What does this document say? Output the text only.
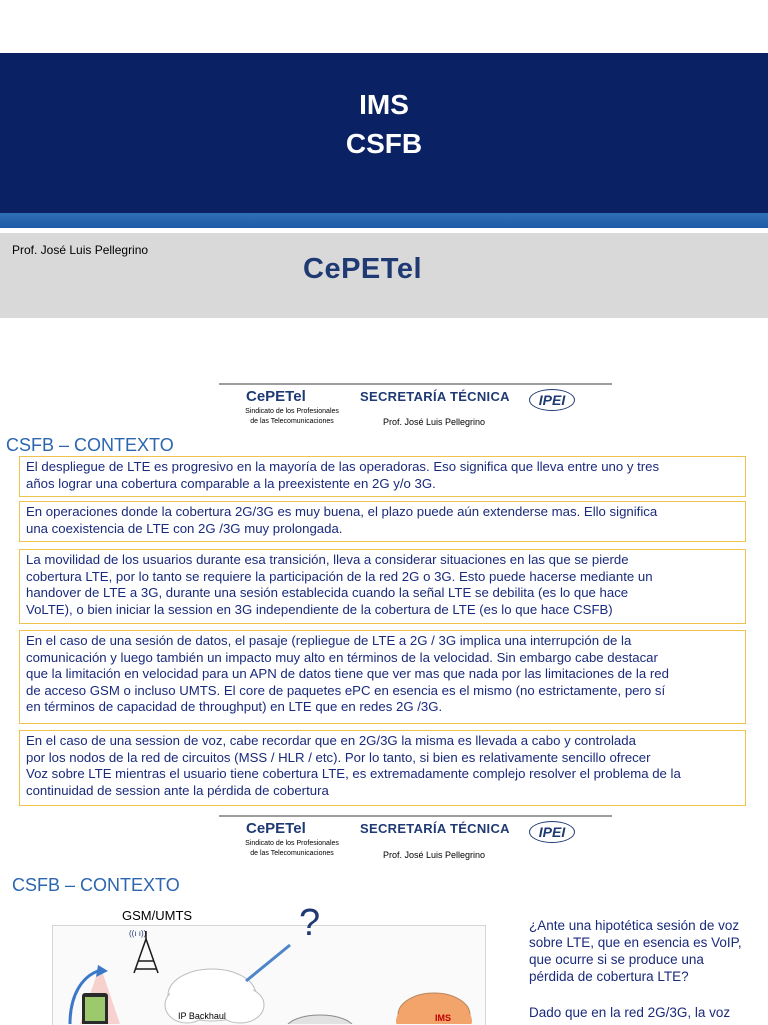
IMS
CSFB
Prof. José Luis Pellegrino
CePETel
CePETel
Sindicato de los Profesionales
de las Telecomunicaciones
SECRETARÍA TÉCNICA
Prof. José Luis Pellegrino
IPEI
CSFB – CONTEXTO
El despliegue de LTE es progresivo en la mayoría de las operadoras. Eso significa que lleva entre uno y tres
años lograr una cobertura comparable a la preexistente en 2G y/o 3G.
En operaciones donde la cobertura 2G/3G es muy buena, el plazo puede aún extenderse mas. Ello significa
una coexistencia de LTE con 2G /3G muy prolongada.
La movilidad de los usuarios durante esa transición, lleva a considerar situaciones en las que se pierde
cobertura LTE, por lo tanto se requiere la participación de la red 2G o 3G. Esto puede hacerse mediante un
handover de LTE a 3G, durante una sesión establecida cuando la señal LTE se debilita (es lo que hace
VoLTE), o bien iniciar la session en 3G independiente de la cobertura de LTE (es lo que hace CSFB)
En el caso de una sesión de datos, el pasaje (repliegue de LTE a 2G / 3G implica una interrupción de la
comunicación y luego también un impacto muy alto en términos de la velocidad. Sin embargo cabe destacar
que la limitación en velocidad para un APN de datos tiene que ver mas que nada por las limitaciones de la red
de acceso GSM o incluso UMTS. El core de paquetes ePC en esencia es el mismo (no estrictamente, pero sí
en términos de capacidad de throughput) en LTE que en redes 2G /3G.
En el caso de una session de voz, cabe recordar que en 2G/3G la misma es llevada a cabo y controlada
por los nodos de la red de circuitos (MSS / HLR / etc). Por lo tanto, si bien es relativamente sencillo ofrecer
Voz sobre LTE mientras el usuario tiene cobertura LTE, es extremadamente complejo resolver el problema de la
continuidad de session ante la pérdida de cobertura
CePETel
Sindicato de los Profesionales
de las Telecomunicaciones
SECRETARÍA TÉCNICA
Prof. José Luis Pellegrino
IPEI
CSFB – CONTEXTO
GSM/UMTS
((ı ı))
IP Backhaul	IMS
?	¿Ante una hipotética sesión de voz
sobre LTE, que en esencia es VoIP,
que ocurre si se produce una
pérdida de cobertura LTE?
Dado que en la red 2G/3G, la voz
